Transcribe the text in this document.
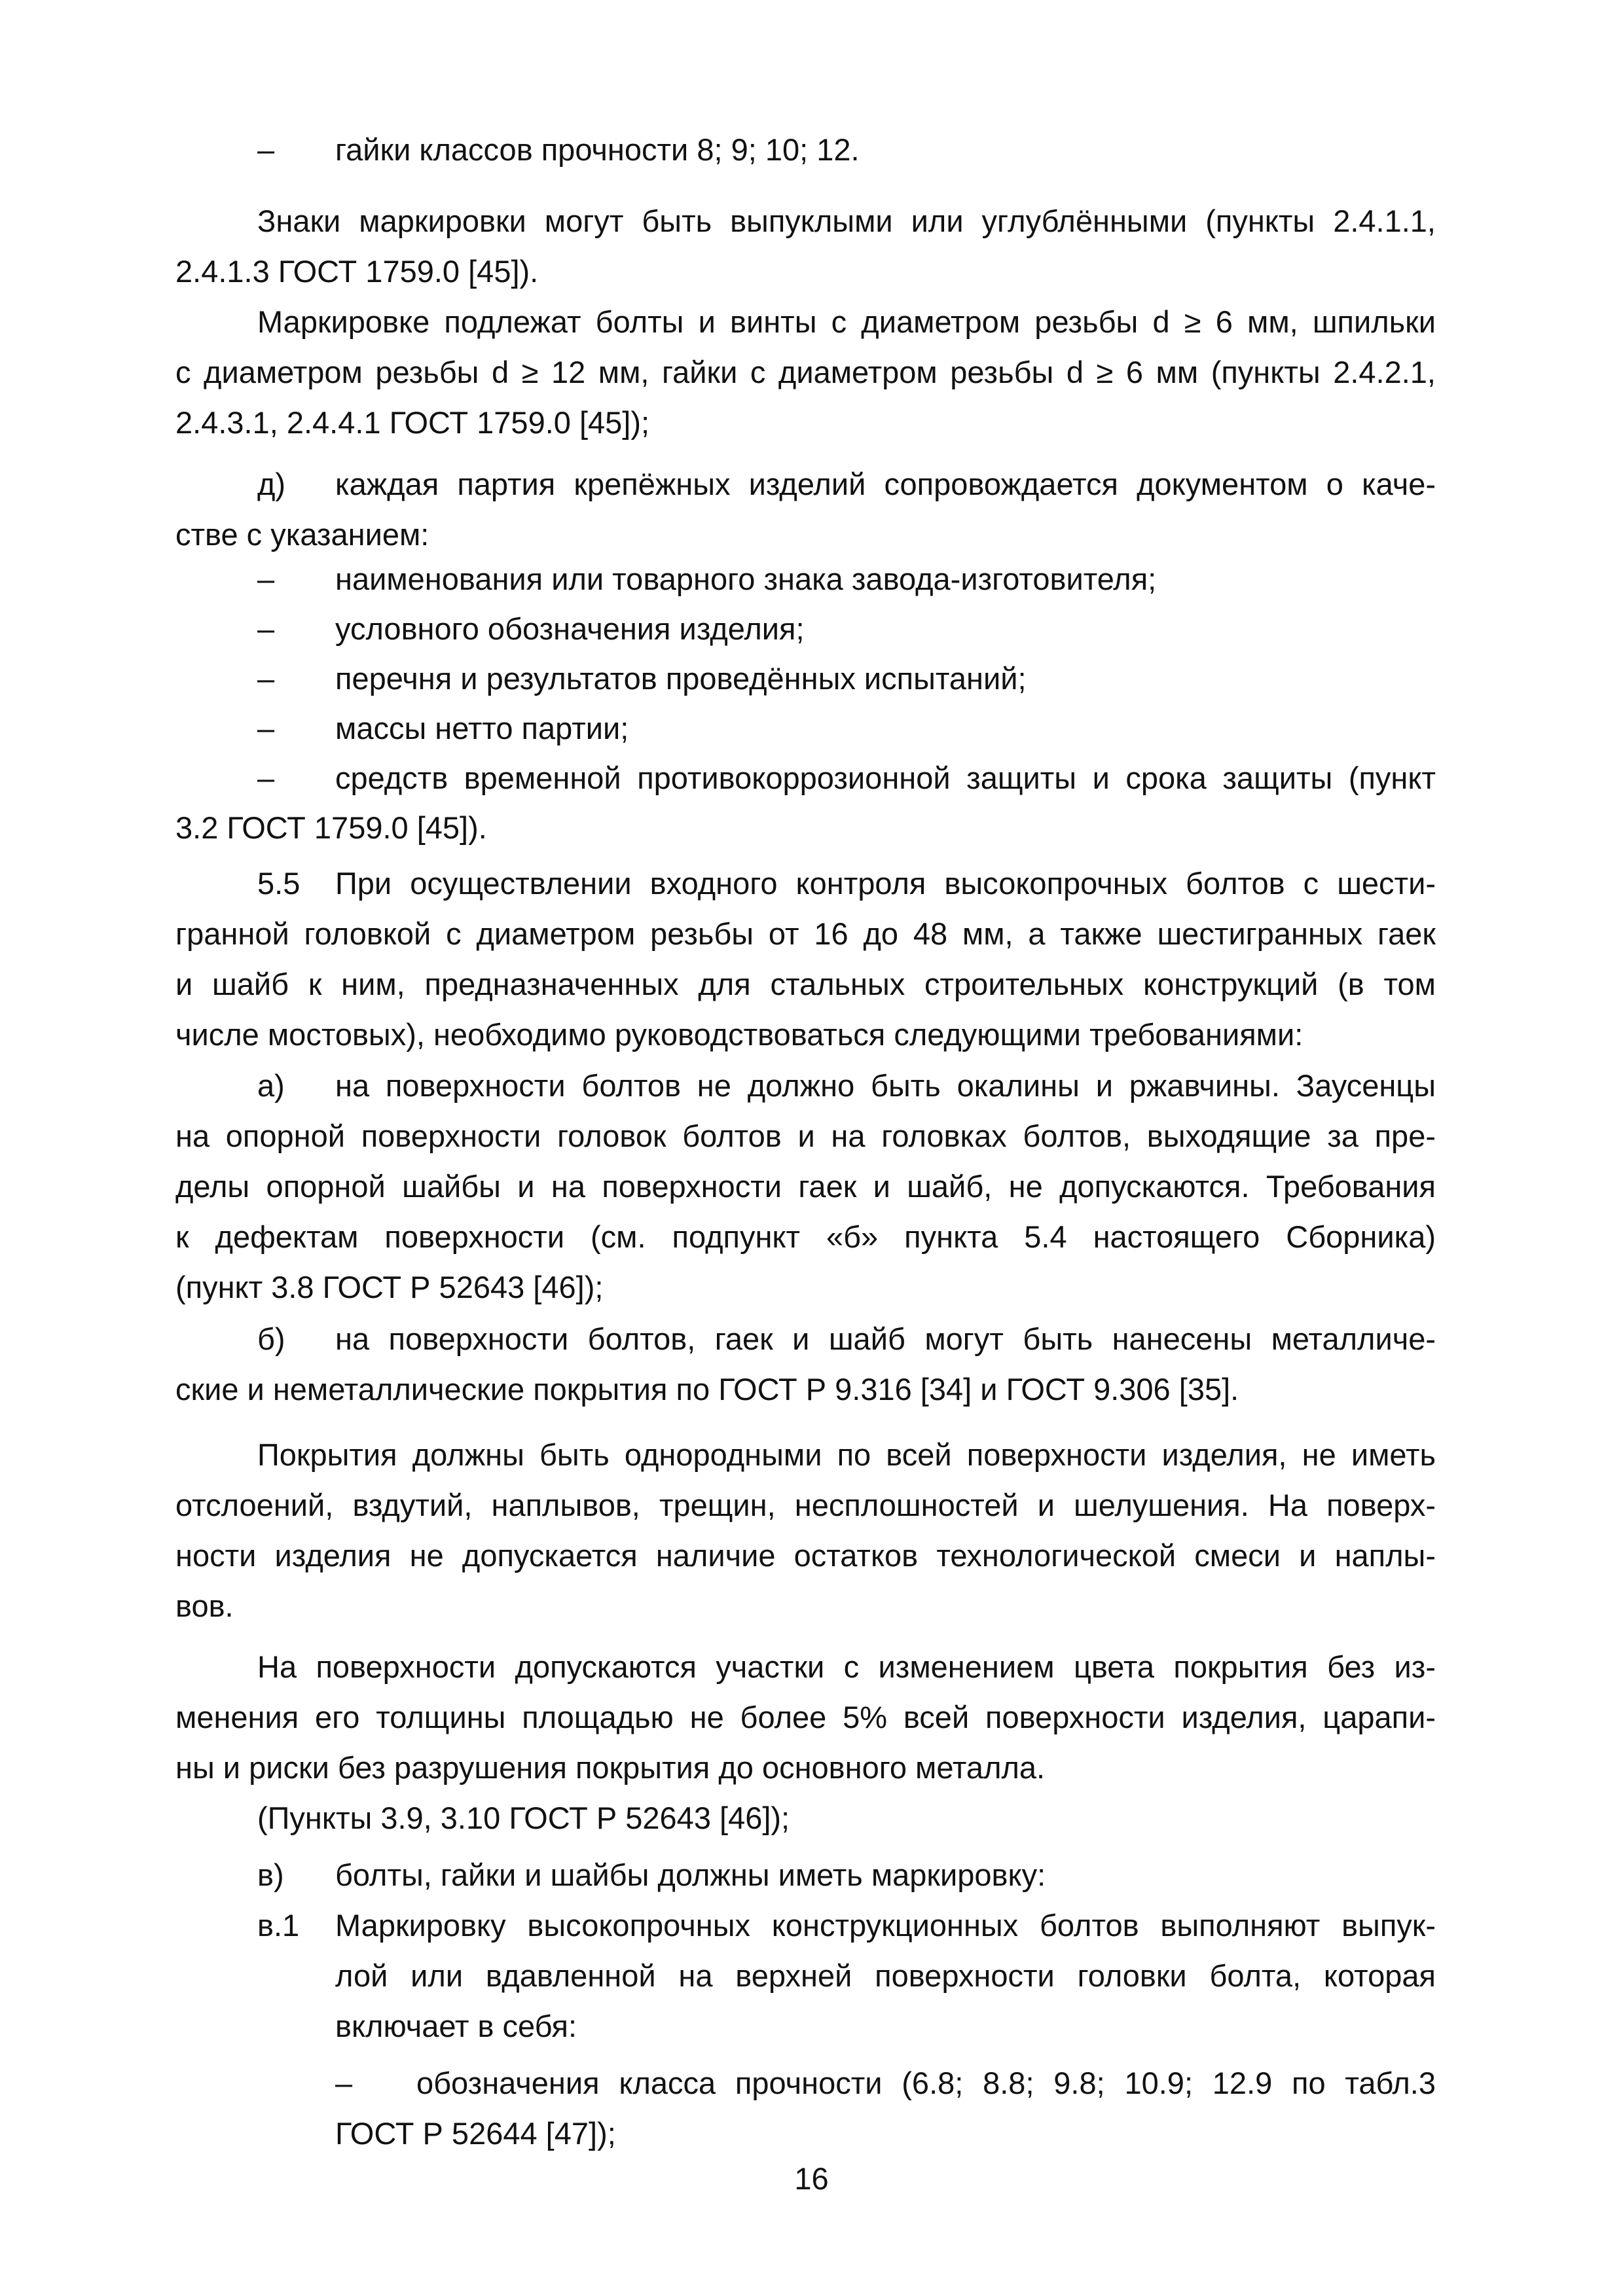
– гайки классов прочности 8; 9; 10; 12.
Знаки маркировки могут быть выпуклыми или углублёнными (пункты 2.4.1.1,
2.4.1.3 ГОСТ 1759.0 [45]).
Маркировке подлежат болты и винты с диаметром резьбы d ≥ 6 мм, шпильки
с диаметром резьбы d ≥ 12 мм, гайки с диаметром резьбы d ≥ 6 мм (пункты 2.4.2.1,
2.4.3.1, 2.4.4.1 ГОСТ 1759.0 [45]);
д) каждая партия крепёжных изделий сопровождается документом о каче-
стве с указанием:
– наименования или товарного знака завода-изготовителя;
– условного обозначения изделия;
– перечня и результатов проведённых испытаний;
– массы нетто партии;
– средств временной противокоррозионной защиты и срока защиты (пункт
3.2 ГОСТ 1759.0 [45]).
5.5 При осуществлении входного контроля высокопрочных болтов с шести-
гранной головкой с диаметром резьбы от 16 до 48 мм, а также шестигранных гаек
и шайб к ним, предназначенных для стальных строительных конструкций (в том
числе мостовых), необходимо руководствоваться следующими требованиями:
а) на поверхности болтов не должно быть окалины и ржавчины. Заусенцы
на опорной поверхности головок болтов и на головках болтов, выходящие за пре-
делы опорной шайбы и на поверхности гаек и шайб, не допускаются. Требования
к дефектам поверхности (см. подпункт «б» пункта 5.4 настоящего Сборника)
(пункт 3.8 ГОСТ Р 52643 [46]);
б) на поверхности болтов, гаек и шайб могут быть нанесены металличе-
ские и неметаллические покрытия по ГОСТ Р 9.316 [34] и ГОСТ 9.306 [35].
Покрытия должны быть однородными по всей поверхности изделия, не иметь
отслоений, вздутий, наплывов, трещин, несплошностей и шелушения. На поверх-
ности изделия не допускается наличие остатков технологической смеси и наплы-
вов.
На поверхности допускаются участки с изменением цвета покрытия без из-
менения его толщины площадью не более 5% всей поверхности изделия, царапи-
ны и риски без разрушения покрытия до основного металла.
(Пункты 3.9, 3.10 ГОСТ Р 52643 [46]);
в) болты, гайки и шайбы должны иметь маркировку:
в.1 Маркировку высокопрочных конструкционных болтов выполняют выпук-
лой или вдавленной на верхней поверхности головки болта, которая
включает в себя:
– обозначения класса прочности (6.8; 8.8; 9.8; 10.9; 12.9 по табл.3
ГОСТ Р 52644 [47]);
16
